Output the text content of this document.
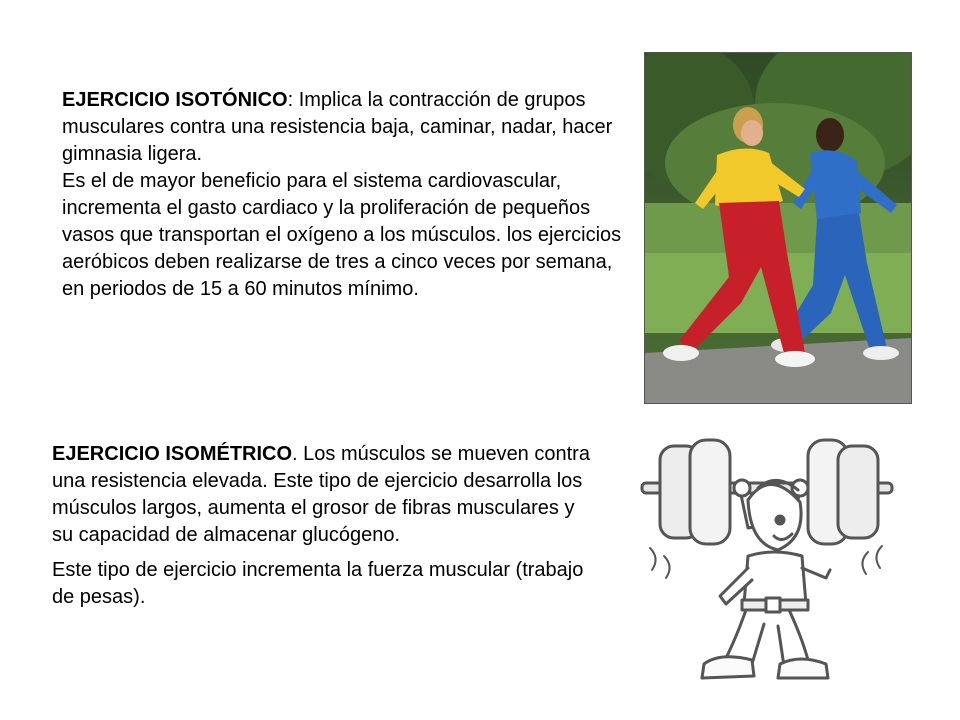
EJERCICIO ISOTÓNICO: Implica la contracción de grupos musculares contra una resistencia baja, caminar, nadar, hacer gimnasia ligera.

Es el de mayor beneficio para el sistema cardiovascular, incrementa el gasto cardiaco y la proliferación de pequeños vasos que transportan el oxígeno a los músculos. los ejercicios aeróbicos deben realizarse de tres a cinco veces por semana, en periodos de 15 a 60 minutos mínimo.

EJERCICIO ISOMÉTRICO. Los músculos se mueven contra una resistencia elevada. Este tipo de ejercicio desarrolla los músculos largos, aumenta el grosor de fibras musculares y su capacidad de almacenar glucógeno.

Este tipo de ejercicio incrementa la fuerza muscular (trabajo de pesas).
